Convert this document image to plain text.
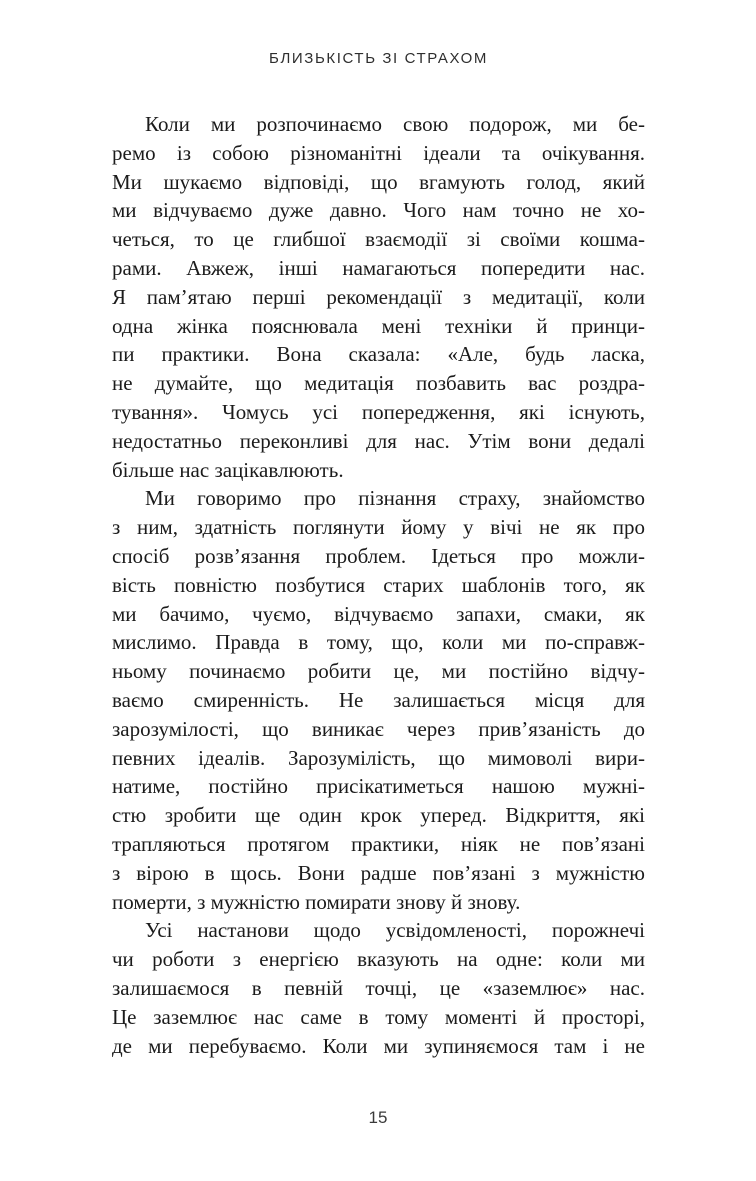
БЛИЗЬКІСТЬ ЗІ СТРАХОМ
Коли ми розпочинаємо свою подорож, ми бе-
ремо із собою різноманітні ідеали та очікування.
Ми шукаємо відповіді, що вгамують голод, який
ми відчуваємо дуже давно. Чого нам точно не хо-
четься, то це глибшої взаємодії зі своїми кошма-
рами. Авжеж, інші намагаються попередити нас.
Я пам’ятаю перші рекомендації з медитації, коли
одна жінка пояснювала мені техніки й принци-
пи практики. Вона сказала: «Але, будь ласка,
не думайте, що медитація позбавить вас роздра-
тування». Чомусь усі попередження, які існують,
недостатньо переконливі для нас. Утім вони дедалі
більше нас зацікавлюють.
Ми говоримо про пізнання страху, знайомство
з ним, здатність поглянути йому у вічі не як про
спосіб розв’язання проблем. Ідеться про можли-
вість повністю позбутися старих шаблонів того, як
ми бачимо, чуємо, відчуваємо запахи, смаки, як
мислимо. Правда в тому, що, коли ми по-справж-
ньому починаємо робити це, ми постійно відчу-
ваємо смиренність. Не залишається місця для
зарозумілості, що виникає через прив’язаність до
певних ідеалів. Зарозумілість, що мимоволі вири-
натиме, постійно присікатиметься нашою мужні-
стю зробити ще один крок уперед. Відкриття, які
трапляються протягом практики, ніяк не пов’язані
з вірою в щось. Вони радше пов’язані з мужністю
померти, з мужністю помирати знову й знову.
Усі настанови щодо усвідомленості, порожнечі
чи роботи з енергією вказують на одне: коли ми
залишаємося в певній точці, це «заземлює» нас.
Це заземлює нас саме в тому моменті й просторі,
де ми перебуваємо. Коли ми зупиняємося там і не
15
